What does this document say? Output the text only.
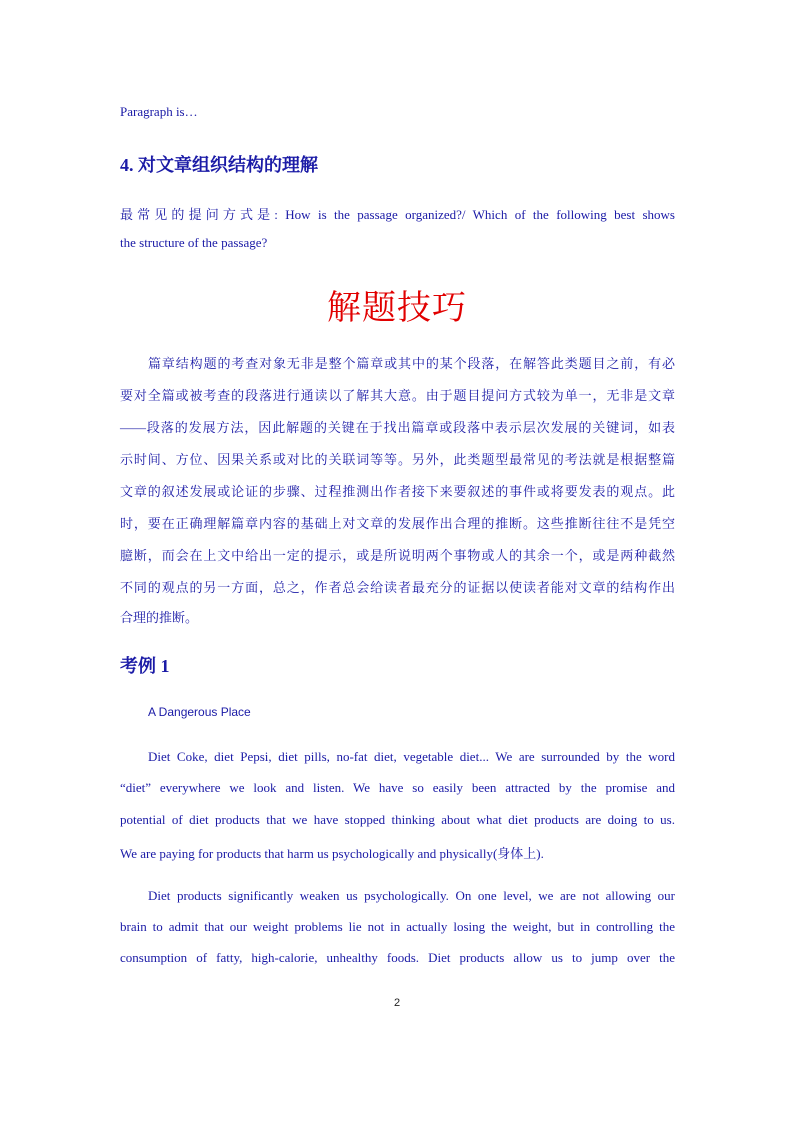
Paragraph is…
4. 对文章组织结构的理解
最常见的提问方式是: How is the passage organized?/ Which of the following best shows
the structure of the passage?
解题技巧
篇章结构题的考查对象无非是整个篇章或其中的某个段落，在解答此类题目之前，有必
要对全篇或被考查的段落进行通读以了解其大意。由于题目提问方式较为单一，无非是文章
——段落的发展方法，因此解题的关键在于找出篇章或段落中表示层次发展的关键词，如表
示时间、方位、因果关系或对比的关联词等等。另外，此类题型最常见的考法就是根据整篇
文章的叙述发展或论证的步骤、过程推测出作者接下来要叙述的事件或将要发表的观点。此
时，要在正确理解篇章内容的基础上对文章的发展作出合理的推断。这些推断往往不是凭空
臆断，而会在上文中给出一定的提示，或是所说明两个事物或人的其余一个，或是两种截然
不同的观点的另一方面，总之，作者总会给读者最充分的证据以使读者能对文章的结构作出
合理的推断。
考例 1
A Dangerous Place
Diet Coke, diet Pepsi, diet pills, no-fat diet, vegetable diet... We are surrounded by the word
“diet” everywhere we look and listen. We have so easily been attracted by the promise and
potential of diet products that we have stopped thinking about what diet products are doing to us.
We are paying for products that harm us psychologically and physically(身体上).
Diet products significantly weaken us psychologically. On one level, we are not allowing our
brain to admit that our weight problems lie not in actually losing the weight, but in controlling the
consumption of fatty, high-calorie, unhealthy foods. Diet products allow us to jump over the
2
